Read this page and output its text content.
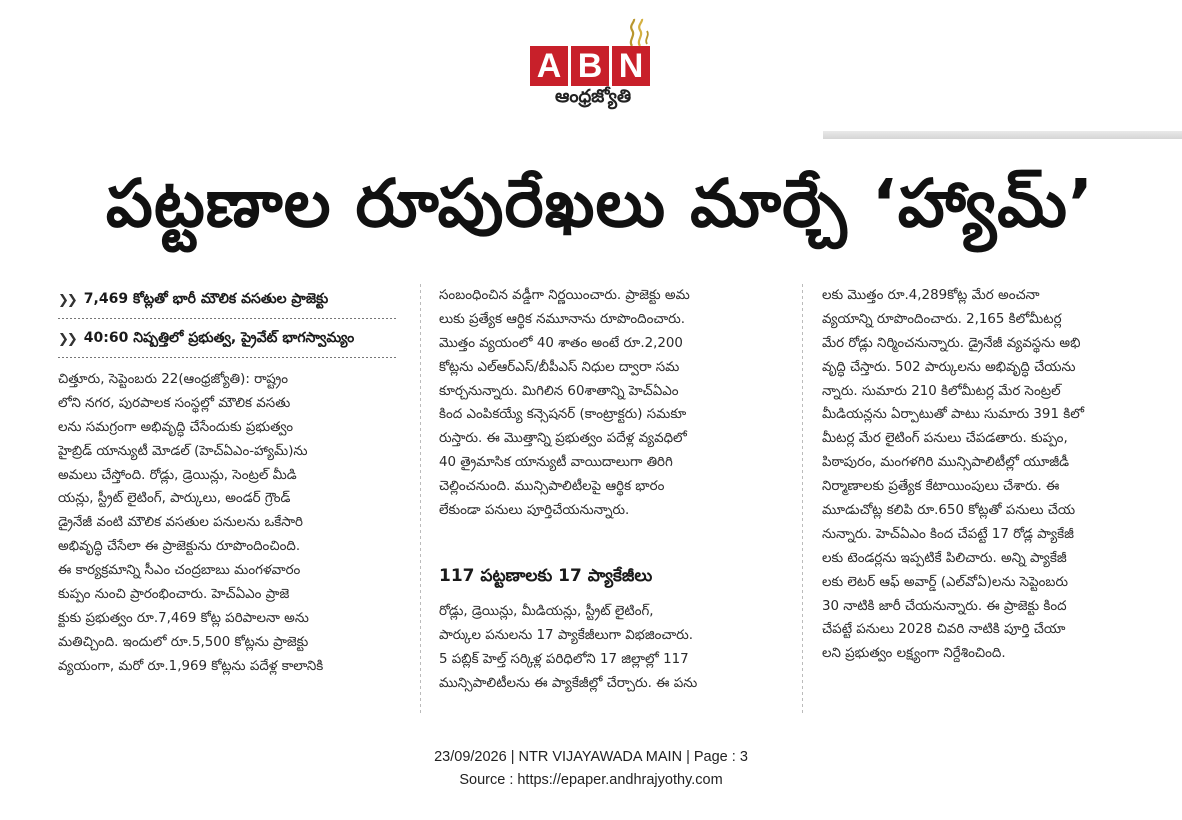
A B N
ఆంధ్రజ్యోతి
పట్టణాల రూపురేఖలు మార్చే ‘హ్యామ్‌’
❯❯ 7,469 కోట్లతో భారీ మౌలిక వసతుల ప్రాజెక్టు
❯❯ 40:60 నిష్పత్తిలో ప్రభుత్వ, ప్రైవేట్‌ భాగస్వామ్యం
చిత్తూరు, సెప్టెంబరు 22(ఆంధ్రజ్యోతి): రాష్ట్రం
లోని నగర, పురపాలక సంస్థల్లో మౌలిక వసతు
లను సమగ్రంగా అభివృద్ధి చేసేందుకు ప్రభుత్వం
హైబ్రిడ్‌ యాన్యుటీ మోడల్‌ (హెచ్‌ఏఎం-హ్యామ్‌)ను
అమలు చేస్తోంది. రోడ్లు, డ్రెయిన్లు, సెంట్రల్‌ మీడి
యన్లు, స్ట్రీట్‌ లైటింగ్‌, పార్కులు, అండర్‌ గ్రౌండ్‌
డ్రైనేజీ వంటి మౌలిక వసతుల పనులను ఒకేసారి
అభివృద్ధి చేసేలా ఈ ప్రాజెక్టును రూపొందించింది.
ఈ కార్యక్రమాన్ని సీఎం చంద్రబాబు మంగళవారం
కుప్పం నుంచి ప్రారంభించారు. హెచ్‌ఏఎం ప్రాజె
క్టుకు ప్రభుత్వం రూ.7,469 కోట్ల పరిపాలనా అను
మతిచ్చింది. ఇందులో రూ.5,500 కోట్లను ప్రాజెక్టు
వ్యయంగా, మరో రూ.1,969 కోట్లను పదేళ్ల కాలానికి
సంబంధించిన వడ్డీగా నిర్ణయించారు. ప్రాజెక్టు అమ
లుకు ప్రత్యేక ఆర్థిక నమూనాను రూపొందించారు.
మొత్తం వ్యయంలో 40 శాతం అంటే రూ.2,200
కోట్లను ఎల్‌ఆర్‌ఎస్‌/బీపీఎస్‌ నిధుల ద్వారా సమ
కూర్చనున్నారు. మిగిలిన 60శాతాన్ని హెచ్‌ఏఎం
కింద ఎంపికయ్యే కన్సెషనర్‌ (కాంట్రాక్టరు) సమకూ
రుస్తారు. ఈ మొత్తాన్ని ప్రభుత్వం పదేళ్ల వ్యవధిలో
40 త్రైమాసిక యాన్యుటీ వాయిదాలుగా తిరిగి
చెల్లించనుంది. మున్సిపాలిటీలపై ఆర్థిక భారం
లేకుండా పనులు పూర్తిచేయనున్నారు.
117 పట్టణాలకు 17 ప్యాకేజీలు
రోడ్లు, డ్రెయిన్లు, మీడియన్లు, స్ట్రీట్‌ లైటింగ్‌,
పార్కుల పనులను 17 ప్యాకేజీలుగా విభజించారు.
5 పబ్లిక్‌ హెల్త్‌ సర్కిళ్ల పరిధిలోని 17 జిల్లాల్లో 117
మున్సిపాలిటీలను ఈ ప్యాకేజీల్లో చేర్చారు. ఈ పను
లకు మొత్తం రూ.4,289కోట్ల మేర అంచనా
వ్యయాన్ని రూపొందించారు. 2,165 కిలోమీటర్ల
మేర రోడ్లు నిర్మించనున్నారు. డ్రైనేజీ వ్యవస్థను అభి
వృద్ధి చేస్తారు. 502 పార్కులను అభివృద్ధి చేయను
న్నారు. సుమారు 210 కిలోమీటర్ల మేర సెంట్రల్‌
మీడియన్లను ఏర్పాటుతో పాటు సుమారు 391 కిలో
మీటర్ల మేర లైటింగ్‌ పనులు చేపడతారు. కుప్పం,
పిఠాపురం, మంగళగిరి మున్సిపాలిటీల్లో యూజీడీ
నిర్మాణాలకు ప్రత్యేక కేటాయింపులు చేశారు. ఈ
మూడుచోట్ల కలిపి రూ.650 కోట్లతో పనులు చేయ
నున్నారు. హెచ్‌ఏఎం కింద చేపట్టే 17 రోడ్ల ప్యాకేజీ
లకు టెండర్లను ఇప్పటికే పిలిచారు. అన్ని ప్యాకేజీ
లకు లెటర్‌ ఆఫ్‌ అవార్డ్‌ (ఎల్‌వోఏ)లను సెప్టెంబరు
30 నాటికి జారీ చేయనున్నారు. ఈ ప్రాజెక్టు కింద
చేపట్టే పనులు 2028 చివరి నాటికి పూర్తి చేయా
లని ప్రభుత్వం లక్ష్యంగా నిర్దేశించింది.
23/09/2026 | NTR VIJAYAWADA MAIN | Page : 3
Source : https://epaper.andhrajyothy.com
